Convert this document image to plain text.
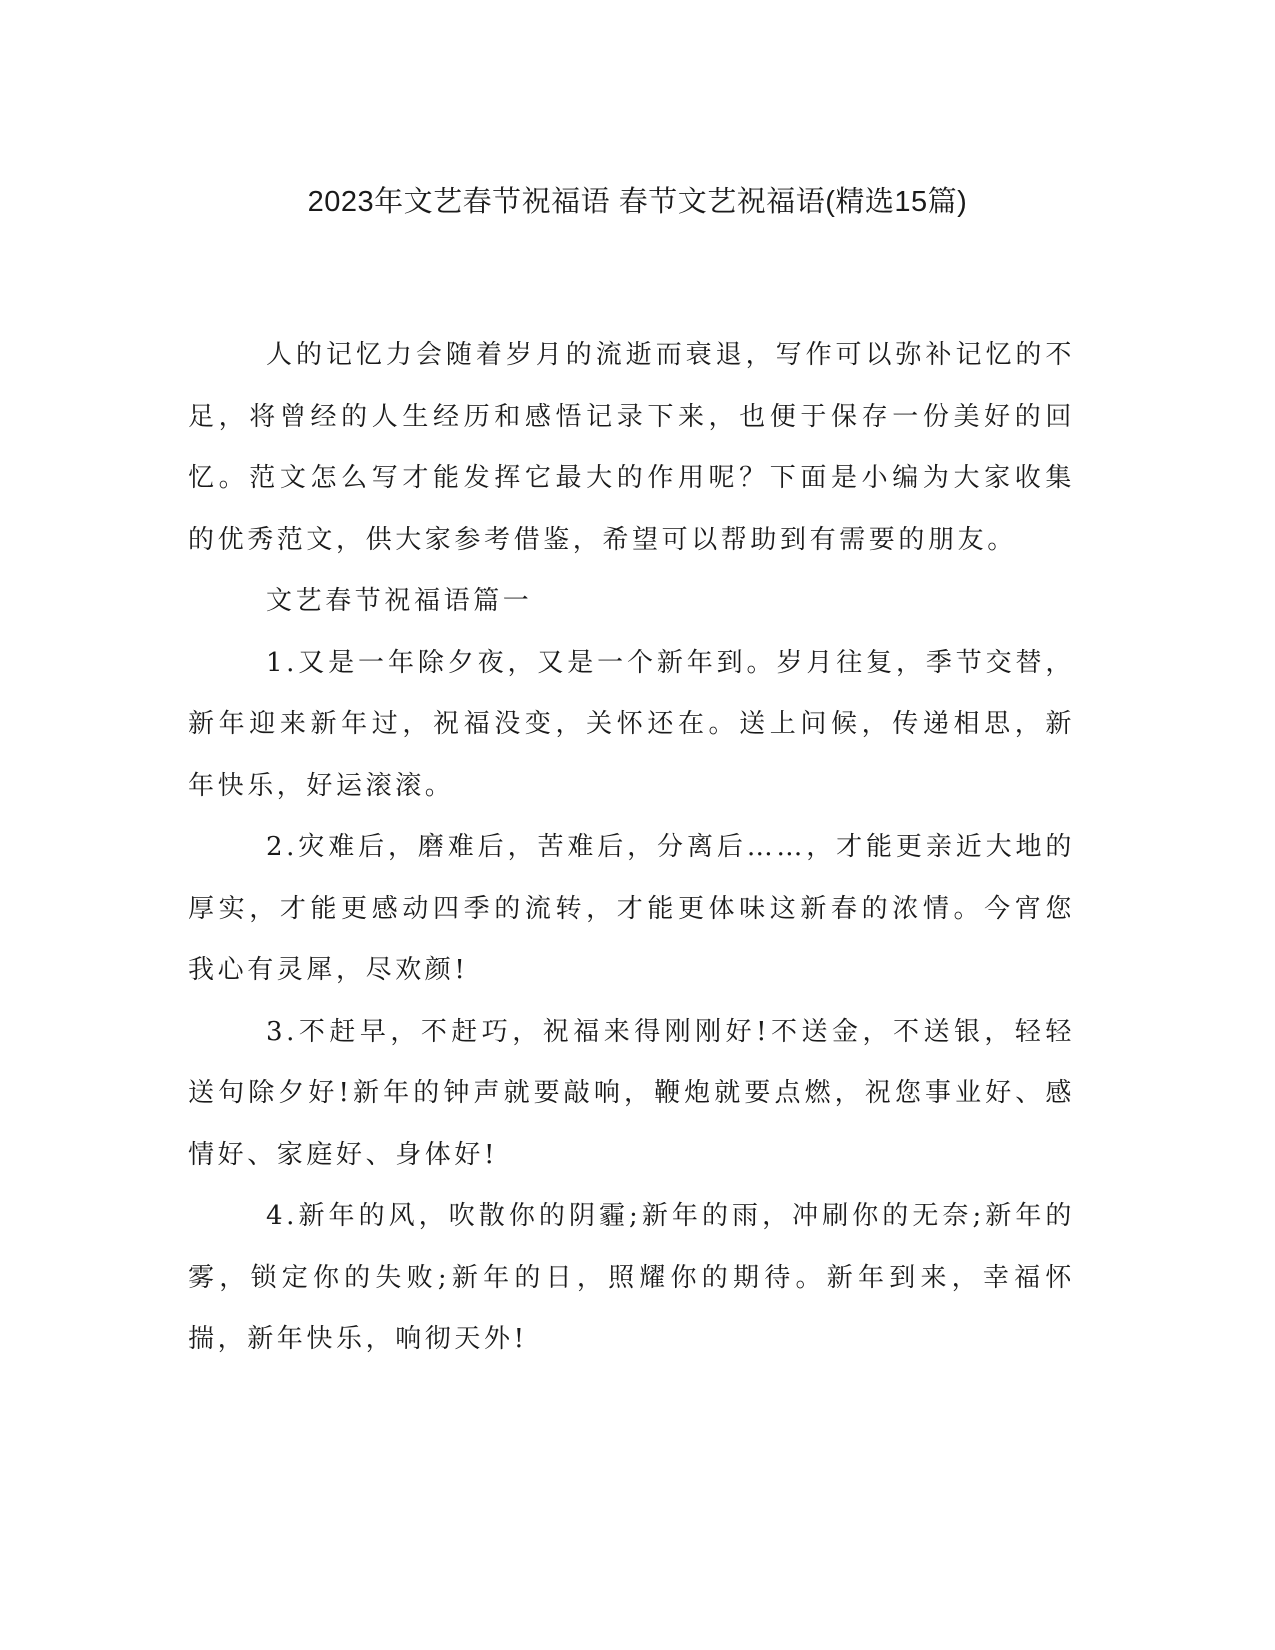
2023年文艺春节祝福语 春节文艺祝福语(精选15篇)

人的记忆力会随着岁月的流逝而衰退，写作可以弥补记忆的不足，将曾经的人生经历和感悟记录下来，也便于保存一份美好的回忆。范文怎么写才能发挥它最大的作用呢？下面是小编为大家收集的优秀范文，供大家参考借鉴，希望可以帮助到有需要的朋友。

文艺春节祝福语篇一

1.又是一年除夕夜，又是一个新年到。岁月往复，季节交替，新年迎来新年过，祝福没变，关怀还在。送上问候，传递相思，新年快乐，好运滚滚。

2.灾难后，磨难后，苦难后，分离后……，才能更亲近大地的厚实，才能更感动四季的流转，才能更体味这新春的浓情。今宵您我心有灵犀，尽欢颜!

3.不赶早，不赶巧，祝福来得刚刚好!不送金，不送银，轻轻送句除夕好!新年的钟声就要敲响，鞭炮就要点燃，祝您事业好、感情好、家庭好、身体好!

4.新年的风，吹散你的阴霾;新年的雨，冲刷你的无奈;新年的雾，锁定你的失败;新年的日，照耀你的期待。新年到来，幸福怀揣，新年快乐，响彻天外!
